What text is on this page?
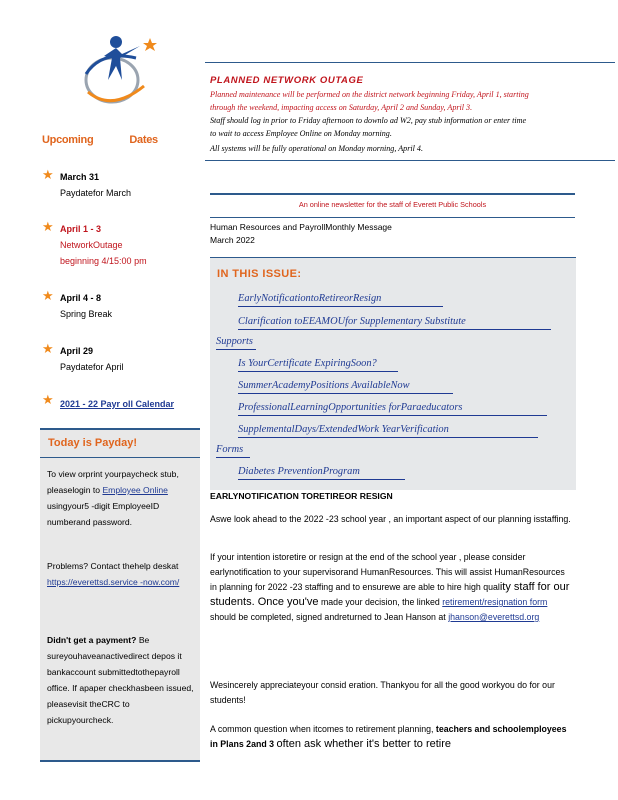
Upcoming	Dates
★ March 31
Paydatefor March
★ April 1 - 3
NetworkOutage
beginning 4/15:00 pm
★ April 4 - 8
Spring Break
★ April 29
Paydatefor April
★ 2021 - 22 Payr oll Calendar
Today is Payday!
To view orprint yourpaycheck stub, pleaselogin to Employee Online usingyour5 -digit EmployeeID numberand password.
Problems? Contact thehelp deskat https://everettsd.service -now.com/
Didn't get a payment? Be sureyouhaveanactivedirect depos it bankaccount submittedtothepayroll office. If apaper checkhasbeen issued, pleasevisit theCRC to pickupyourcheck.
PLANNED NETWORK OUTAGE
Planned maintenance will be performed on the district network beginning Friday, April 1, starting
through the weekend, impacting access on Saturday, April 2 and Sunday, April 3.
Staff should log in prior to Friday afternoon to downlo ad W2, pay stub information or enter time
to wait to access Employee Online on Monday morning.
All systems will be fully operational on Monday morning, April 4.
An online newsletter for the staff of Everett Public Schools
Human Resources and PayrollMonthly Message
March 2022
IN THIS ISSUE:
EarlyNotificationtoRetireorResign
Clarification toEEAMOUfor Supplementary Substitute
Supports
Is YourCertificate ExpiringSoon?
SummerAcademyPositions AvailableNow
ProfessionalLearningOpportunities forParaeducators
SupplementalDays/ExtendedWork YearVerification
Forms
Diabetes PreventionProgram
EARLYNOTIFICATION TORETIREOR RESIGN
Aswe look ahead to the 2022 -23 school year , an important aspect of our planning isstaffing.
If your intention istoretire or resign at the end of the school year , please consider earlynotification to your supervisorand HumanResources. This will assist HumanResources in planning for 2022 -23 staffing and to ensurewe are able to hire high quality staff for our students. Once you've made your decision, the linked retirement/resignation form should be completed, signed andreturned to Jean Hanson at jhanson@everettsd.org
Wesincerely appreciateyour consid eration. Thankyou for all the good workyou do for our students!
A common question when itcomes to retirement planning, teachers and schoolemployees in Plans 2and 3 often ask whether it's better to retire
